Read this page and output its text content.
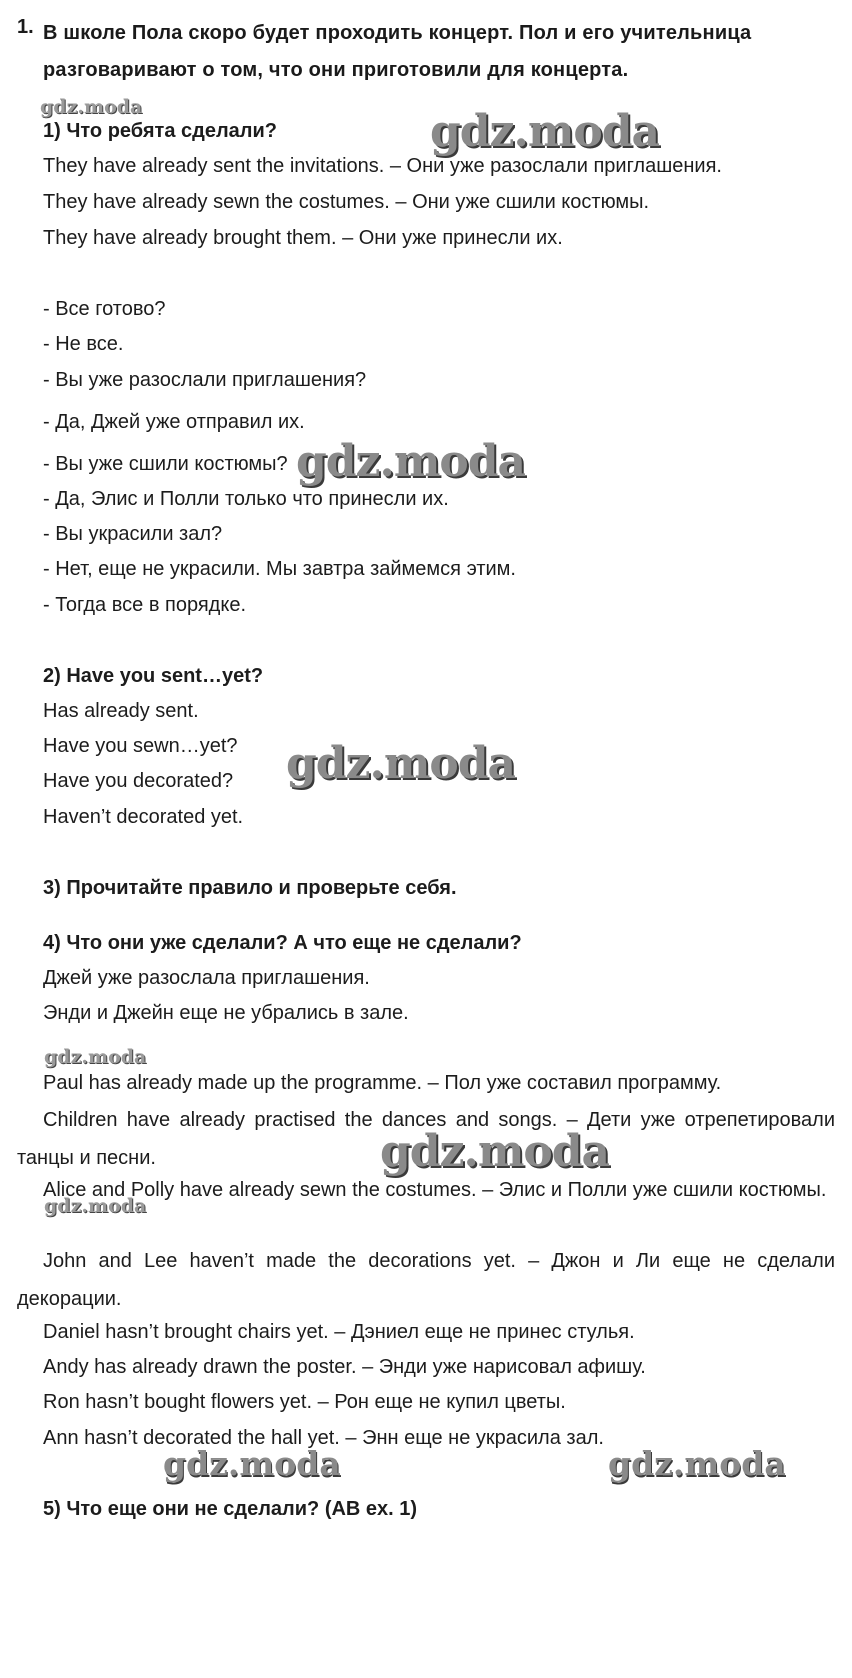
1. В школе Пола скоро будет проходить концерт. Пол и его учительница разговаривают о том, что они приготовили для концерта.
1) Что ребята сделали?
They have already sent the invitations. – Они уже разослали приглашения.
They have already sewn the costumes. – Они уже сшили костюмы.
They have already brought them. – Они уже принесли их.
- Все готово?
- Не все.
- Вы уже разослали приглашения?
- Да, Джей уже отправил их.
- Вы уже сшили костюмы?
- Да, Элис и Полли только что принесли их.
- Вы украсили зал?
- Нет, еще не украсили. Мы завтра займемся этим.
- Тогда все в порядке.
2) Have you sent…yet?
Has already sent.
Have you sewn…yet?
Have you decorated?
Haven’t decorated yet.
3) Прочитайте правило и проверьте себя.
4) Что они уже сделали? А что еще не сделали?
Джей уже разослала приглашения.
Энди и Джейн еще не убрались в зале.
Paul has already made up the programme. – Пол уже составил программу.
Children have already practised the dances and songs. – Дети уже отрепетировали танцы и песни.
Alice and Polly have already sewn the costumes. – Элис и Полли уже сшили костюмы.
John and Lee haven’t made the decorations yet. – Джон и Ли еще не сделали декорации.
Daniel hasn’t brought chairs yet. – Дэниел еще не принес стулья.
Andy has already drawn the poster. – Энди уже нарисовал афишу.
Ron hasn’t bought flowers yet. – Рон еще не купил цветы.
Ann hasn’t decorated the hall yet. – Энн еще не украсила зал.
5) Что еще они не сделали? (AB ex. 1)
gdz.moda	gdz.moda
gdz.moda
gdz.moda
gdz.moda
gdz.moda
gdz.moda
gdz.moda	gdz.moda
